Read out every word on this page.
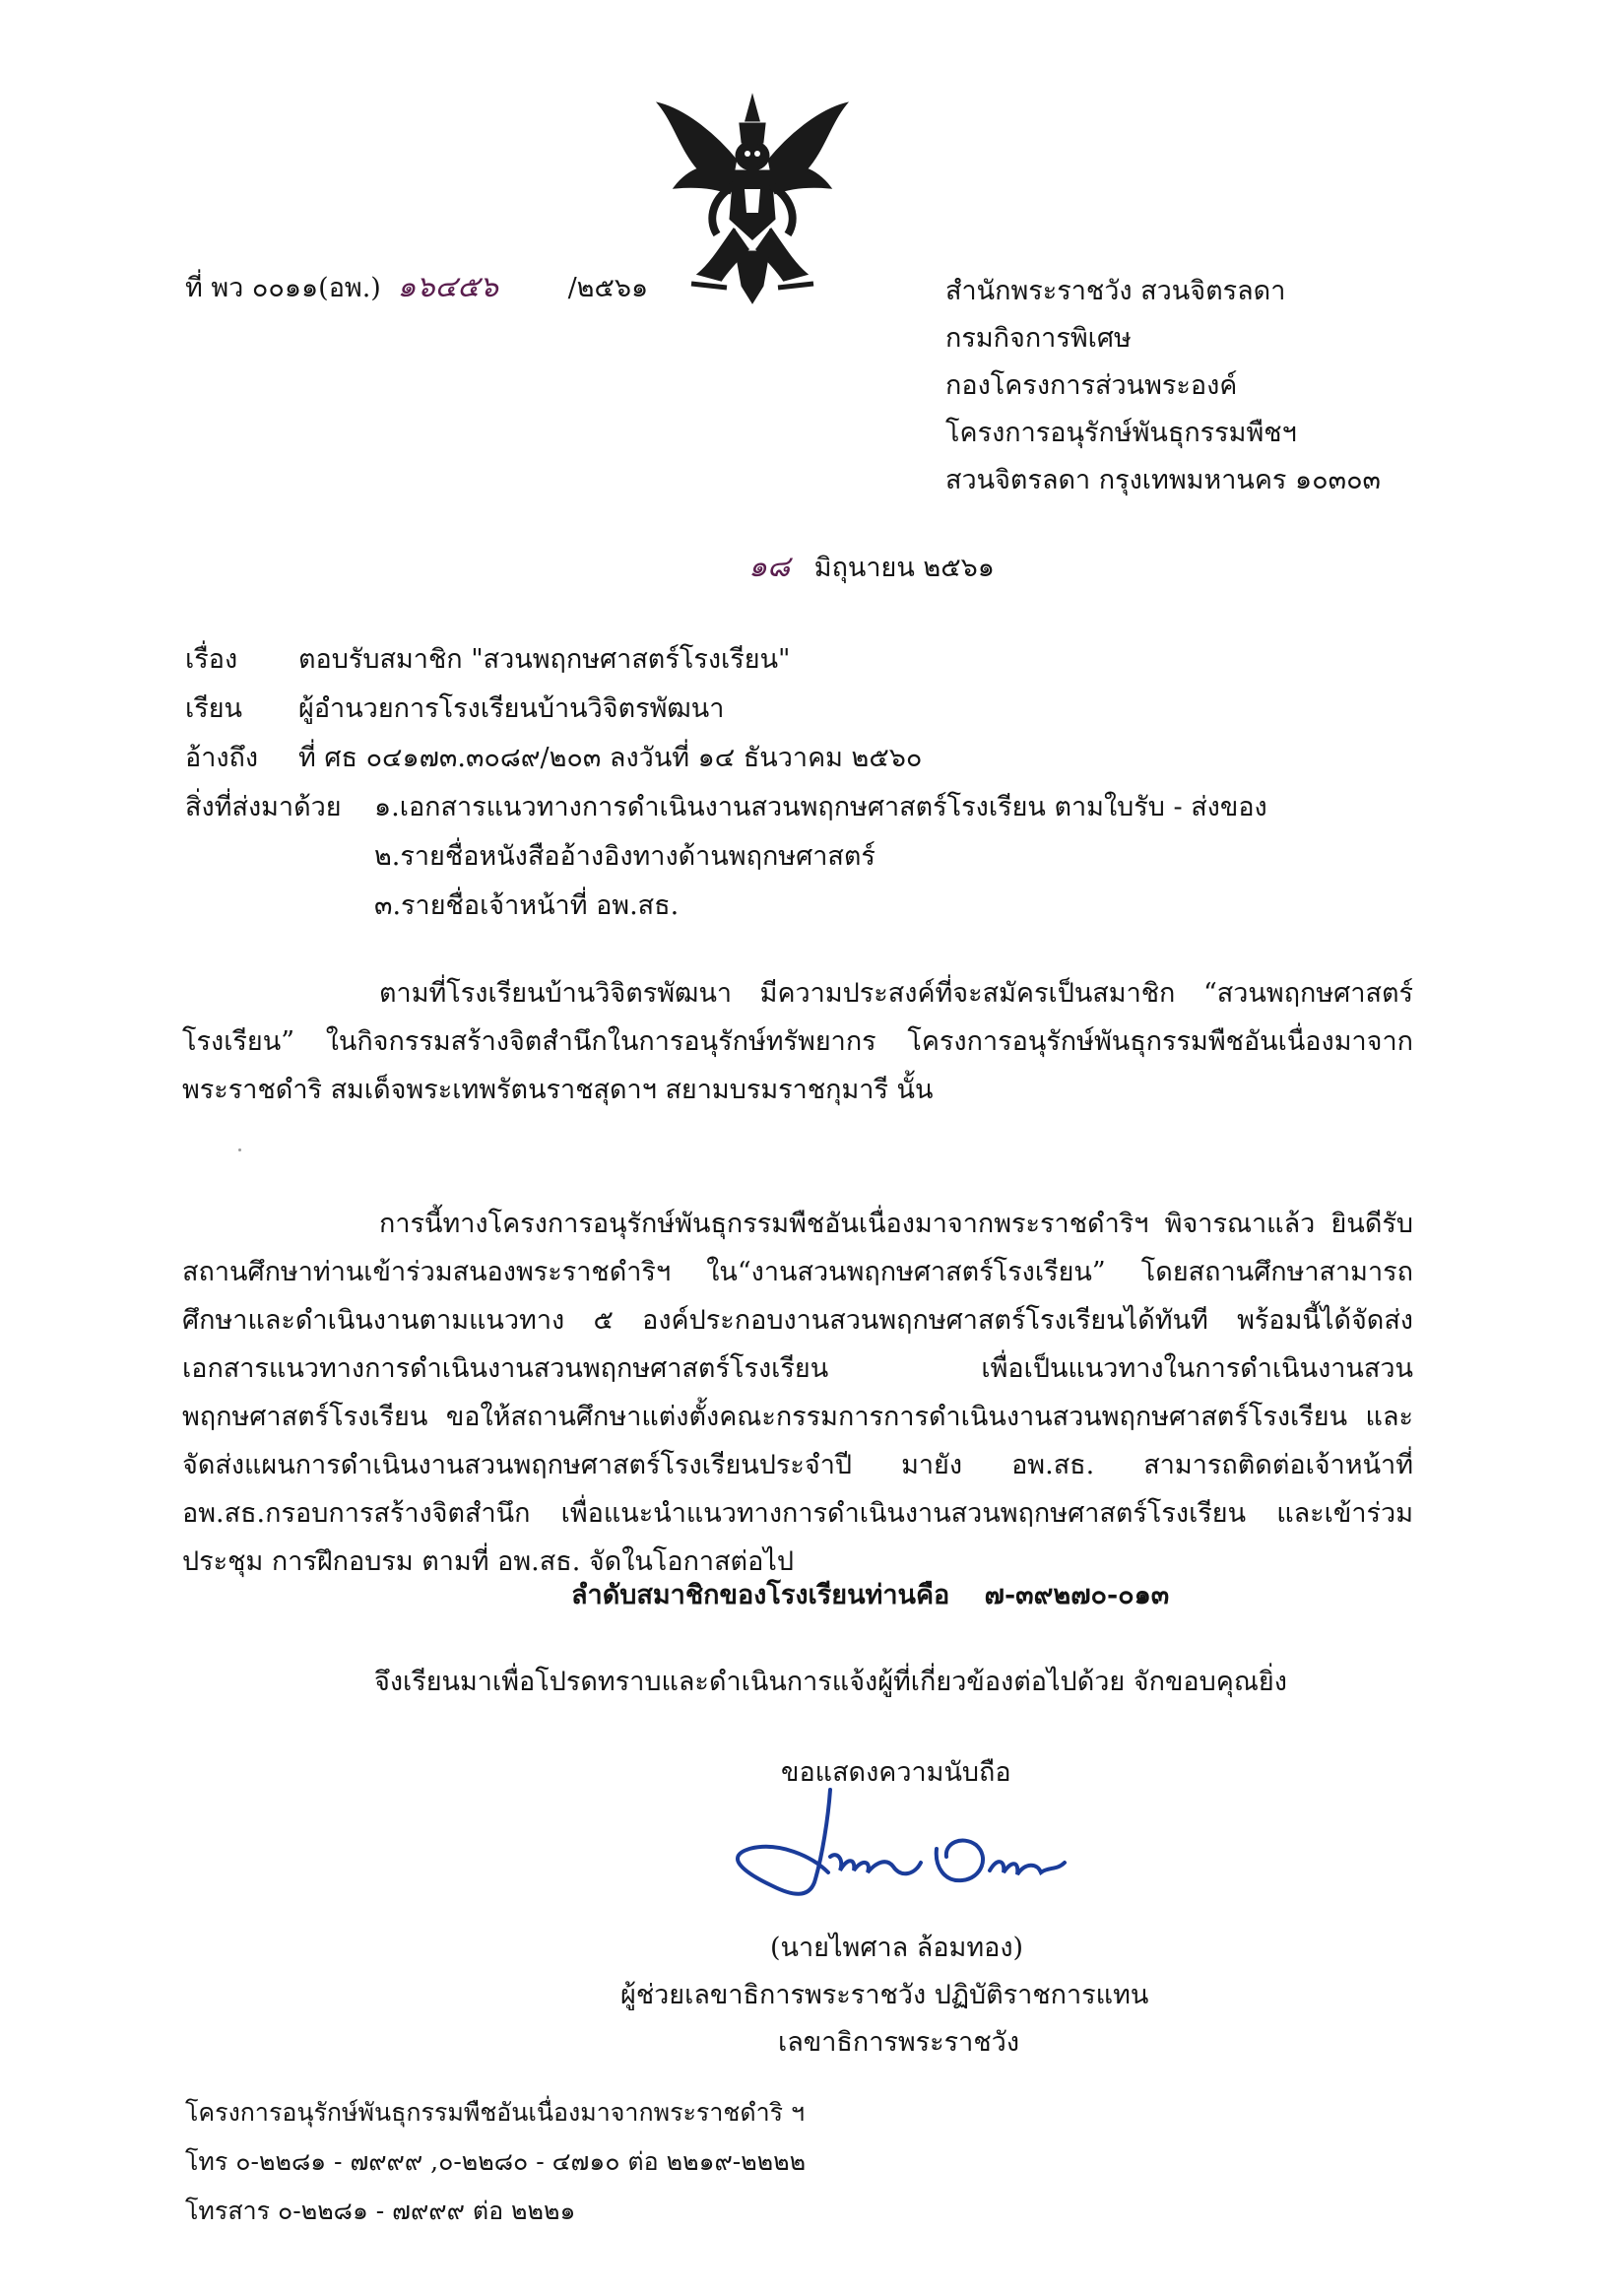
ที่ พว ๐๐๑๑(อพ.) ๑๖๔๕๖	/๒๕๖๑	สำนักพระราชวัง สวนจิตรลดา
กรมกิจการพิเศษ
กองโครงการส่วนพระองค์
โครงการอนุรักษ์พันธุกรรมพืชฯ
สวนจิตรลดา กรุงเทพมหานคร ๑๐๓๐๓
๑๘ มิถุนายน ๒๕๖๑
เรื่อง ตอบรับสมาชิก "สวนพฤกษศาสตร์โรงเรียน"
เรียน ผู้อำนวยการโรงเรียนบ้านวิจิตรพัฒนา
อ้างถึง ที่ ศธ ๐๔๑๗๓.๓๐๘๙/๒๐๓ ลงวันที่ ๑๔ ธันวาคม ๒๕๖๐
สิ่งที่ส่งมาด้วย ๑.เอกสารแนวทางการดำเนินงานสวนพฤกษศาสตร์โรงเรียน ตามใบรับ - ส่งของ
๒.รายชื่อหนังสืออ้างอิงทางด้านพฤกษศาสตร์
๓.รายชื่อเจ้าหน้าที่ อพ.สธ.

ตามที่โรงเรียนบ้านวิจิตรพัฒนา มีความประสงค์ที่จะสมัครเป็นสมาชิก “สวนพฤกษศาสตร์โรงเรียน” ในกิจกรรมสร้างจิตสำนึกในการอนุรักษ์ทรัพยากร โครงการอนุรักษ์พันธุกรรมพืชอันเนื่องมาจากพระราชดำริ สมเด็จพระเทพรัตนราชสุดาฯ สยามบรมราชกุมารี นั้น

การนี้ทางโครงการอนุรักษ์พันธุกรรมพืชอันเนื่องมาจากพระราชดำริฯ พิจารณาแล้ว ยินดีรับสถานศึกษาท่านเข้าร่วมสนองพระราชดำริฯ ใน“งานสวนพฤกษศาสตร์โรงเรียน” โดยสถานศึกษาสามารถศึกษาและดำเนินงานตามแนวทาง ๕ องค์ประกอบงานสวนพฤกษศาสตร์โรงเรียนได้ทันที พร้อมนี้ได้จัดส่งเอกสารแนวทางการดำเนินงานสวนพฤกษศาสตร์โรงเรียน เพื่อเป็นแนวทางในการดำเนินงานสวนพฤกษศาสตร์โรงเรียน ขอให้สถานศึกษาแต่งตั้งคณะกรรมการการดำเนินงานสวนพฤกษศาสตร์โรงเรียน และจัดส่งแผนการดำเนินงานสวนพฤกษศาสตร์โรงเรียนประจำปี มายัง อพ.สธ. สามารถติดต่อเจ้าหน้าที่ อพ.สธ.กรอบการสร้างจิตสำนึก เพื่อแนะนำแนวทางการดำเนินงานสวนพฤกษศาสตร์โรงเรียน และเข้าร่วมประชุม การฝึกอบรม ตามที่ อพ.สธ. จัดในโอกาสต่อไป

ลำดับสมาชิกของโรงเรียนท่านคือ ๗-๓๙๒๗๐-๐๑๓
จึงเรียนมาเพื่อโปรดทราบและดำเนินการแจ้งผู้ที่เกี่ยวข้องต่อไปด้วย จักขอบคุณยิ่ง
ขอแสดงความนับถือ
(นายไพศาล ล้อมทอง)
ผู้ช่วยเลขาธิการพระราชวัง ปฏิบัติราชการแทน
เลขาธิการพระราชวัง
โครงการอนุรักษ์พันธุกรรมพืชอันเนื่องมาจากพระราชดำริ ฯ
โทร ๐-๒๒๘๑ - ๗๙๙๙ ,๐-๒๒๘๐ - ๔๗๑๐ ต่อ ๒๒๑๙-๒๒๒๒
โทรสาร ๐-๒๒๘๑ - ๗๙๙๙ ต่อ ๒๒๒๑
